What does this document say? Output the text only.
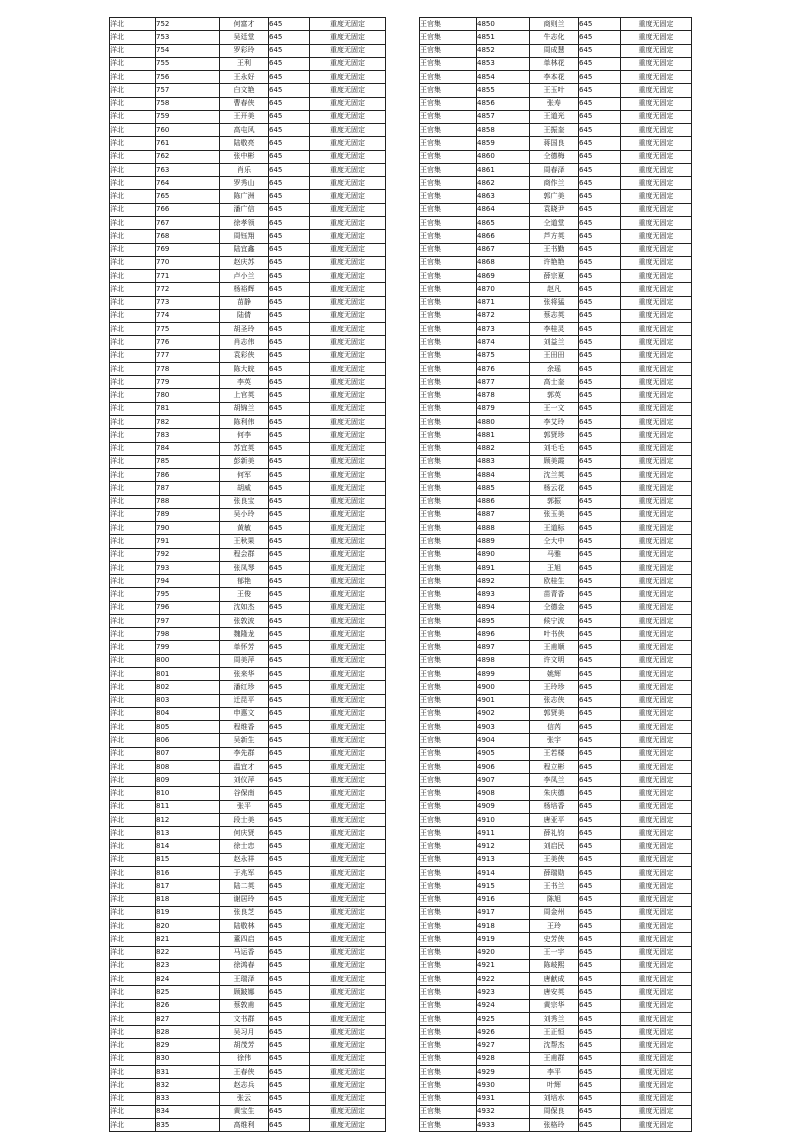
洋北	752	何富才	645	重度无固定
洋北	753	吴廷堂	645	重度无固定
洋北	754	罗彩玲	645	重度无固定
洋北	755	王利	645	重度无固定
洋北	756	王永好	645	重度无固定
洋北	757	白文艳	645	重度无固定
洋北	758	曹春侠	645	重度无固定
洋北	759	王开美	645	重度无固定
洋北	760	高屯风	645	重度无固定
洋北	761	陆敬亮	645	重度无固定
洋北	762	张中彬	645	重度无固定
洋北	763	肖乐	645	重度无固定
洋北	764	罗秀山	645	重度无固定
洋北	765	陈广洲	645	重度无固定
洋北	766	潘广信	645	重度无固定
洋北	767	徐孝领	645	重度无固定
洋北	768	周钰翔	645	重度无固定
洋北	769	陆宜鑫	645	重度无固定
洋北	770	赵庆苏	645	重度无固定
洋北	771	卢小兰	645	重度无固定
洋北	772	杨裕辉	645	重度无固定
洋北	773	苗静	645	重度无固定
洋北	774	陆倩	645	重度无固定
洋北	775	胡圣玲	645	重度无固定
洋北	776	肖志伟	645	重度无固定
洋北	777	袁彩侠	645	重度无固定
洋北	778	陈大皖	645	重度无固定
洋北	779	李英	645	重度无固定
洋北	780	上官英	645	重度无固定
洋北	781	胡锦兰	645	重度无固定
洋北	782	陈利伟	645	重度无固定
洋北	783	何李	645	重度无固定
洋北	784	苏宜英	645	重度无固定
洋北	785	彭新美	645	重度无固定
洋北	786	何军	645	重度无固定
洋北	787	胡威	645	重度无固定
洋北	788	张良宝	645	重度无固定
洋北	789	吴小玲	645	重度无固定
洋北	790	黄敏	645	重度无固定
洋北	791	王秋果	645	重度无固定
洋北	792	程会群	645	重度无固定
洋北	793	张凤琴	645	重度无固定
洋北	794	郁艳	645	重度无固定
洋北	795	王俊	645	重度无固定
洋北	796	沈如杰	645	重度无固定
洋北	797	张敦波	645	重度无固定
洋北	798	魏隆龙	645	重度无固定
洋北	799	单怀芳	645	重度无固定
洋北	800	周美萍	645	重度无固定
洋北	801	张来华	645	重度无固定
洋北	802	潘红珍	645	重度无固定
洋北	803	迁昆平	645	重度无固定
洋北	804	申惠文	645	重度无固定
洋北	805	程维香	645	重度无固定
洋北	806	吴新生	645	重度无固定
洋北	807	李先群	645	重度无固定
洋北	808	温宜才	645	重度无固定
洋北	809	刘仪萍	645	重度无固定
洋北	810	谷保南	645	重度无固定
洋北	811	张平	645	重度无固定
洋北	812	段士美	645	重度无固定
洋北	813	何庆贤	645	重度无固定
洋北	814	徐士忠	645	重度无固定
洋北	815	赵永祥	645	重度无固定
洋北	816	于兆军	645	重度无固定
洋北	817	陆二英	645	重度无固定
洋北	818	谢居玲	645	重度无固定
洋北	819	张良芝	645	重度无固定
洋北	820	陆敬林	645	重度无固定
洋北	821	董四启	645	重度无固定
洋北	822	马运香	645	重度无固定
洋北	823	徐鸿春	645	重度无固定
洋北	824	王瑞泽	645	重度无固定
洋北	825	顾跛娜	645	重度无固定
洋北	826	蔡敦甫	645	重度无固定
洋北	827	文书群	645	重度无固定
洋北	828	吴习月	645	重度无固定
洋北	829	胡茂芳	645	重度无固定
洋北	830	徐伟	645	重度无固定
洋北	831	王春侠	645	重度无固定
洋北	832	赵志兵	645	重度无固定
洋北	833	张云	645	重度无固定
洋北	834	黄宝生	645	重度无固定
洋北	835	高维利	645	重度无固定
王官集	4850	商则兰	645	重度无固定
王官集	4851	牛志化	645	重度无固定
王官集	4852	周成慧	645	重度无固定
王官集	4853	单林花	645	重度无固定
王官集	4854	李本花	645	重度无固定
王官集	4855	王玉叶	645	重度无固定
王官集	4856	张寿	645	重度无固定
王官集	4857	王道光	645	重度无固定
王官集	4858	王振奎	645	重度无固定
王官集	4859	蒋国良	645	重度无固定
王官集	4860	仝德梅	645	重度无固定
王官集	4861	周春泽	645	重度无固定
王官集	4862	商作兰	645	重度无固定
王官集	4863	郭广美	645	重度无固定
王官集	4864	袁晓尹	645	重度无固定
王官集	4865	仝道堂	645	重度无固定
王官集	4866	芦方英	645	重度无固定
王官集	4867	王书勤	645	重度无固定
王官集	4868	许艳艳	645	重度无固定
王官集	4869	薛宗夏	645	重度无固定
王官集	4870	赵凡	645	重度无固定
王官集	4871	张将猛	645	重度无固定
王官集	4872	蔡志英	645	重度无固定
王官集	4873	李桂灵	645	重度无固定
王官集	4874	刘益兰	645	重度无固定
王官集	4875	王田田	645	重度无固定
王官集	4876	余瑶	645	重度无固定
王官集	4877	高士奎	645	重度无固定
王官集	4878	郭英	645	重度无固定
王官集	4879	王一文	645	重度无固定
王官集	4880	李艾玲	645	重度无固定
王官集	4881	郭贤珍	645	重度无固定
王官集	4882	刘毛毛	645	重度无固定
王官集	4883	顾美霞	645	重度无固定
王官集	4884	沈兰英	645	重度无固定
王官集	4885	杨云花	645	重度无固定
王官集	4886	郭振	645	重度无固定
王官集	4887	张玉美	645	重度无固定
王官集	4888	王道标	645	重度无固定
王官集	4889	仝大中	645	重度无固定
王官集	4890	马雅	645	重度无固定
王官集	4891	王旭	645	重度无固定
王官集	4892	欧桂生	645	重度无固定
王官集	4893	苗青香	645	重度无固定
王官集	4894	仝德金	645	重度无固定
王官集	4895	候宁波	645	重度无固定
王官集	4896	叶书侠	645	重度无固定
王官集	4897	王甫顺	645	重度无固定
王官集	4898	许文明	645	重度无固定
王官集	4899	姚辉	645	重度无固定
王官集	4900	王玲珍	645	重度无固定
王官集	4901	张志侠	645	重度无固定
王官集	4902	郭贤美	645	重度无固定
王官集	4903	信芮	645	重度无固定
王官集	4904	张宇	645	重度无固定
王官集	4905	王若楼	645	重度无固定
王官集	4906	程立彬	645	重度无固定
王官集	4907	李凤兰	645	重度无固定
王官集	4908	朱庆德	645	重度无固定
王官集	4909	杨培香	645	重度无固定
王官集	4910	唐亚平	645	重度无固定
王官集	4911	薛礼钧	645	重度无固定
王官集	4912	刘启民	645	重度无固定
王官集	4913	王美侠	645	重度无固定
王官集	4914	薛瑞勋	645	重度无固定
王官集	4915	王书兰	645	重度无固定
王官集	4916	陈旭	645	重度无固定
王官集	4917	周金州	645	重度无固定
王官集	4918	王玲	645	重度无固定
王官集	4919	史芳侠	645	重度无固定
王官集	4920	王一宇	645	重度无固定
王官集	4921	陈岐熙	645	重度无固定
王官集	4922	唐献成	645	重度无固定
王官集	4923	唐安英	645	重度无固定
王官集	4924	黄宗华	645	重度无固定
王官集	4925	刘秀兰	645	重度无固定
王官集	4926	王正恒	645	重度无固定
王官集	4927	沈帮杰	645	重度无固定
王官集	4928	王甫群	645	重度无固定
王官集	4929	李平	645	重度无固定
王官集	4930	叶辉	645	重度无固定
王官集	4931	刘培水	645	重度无固定
王官集	4932	周保良	645	重度无固定
王官集	4933	张格玲	645	重度无固定
